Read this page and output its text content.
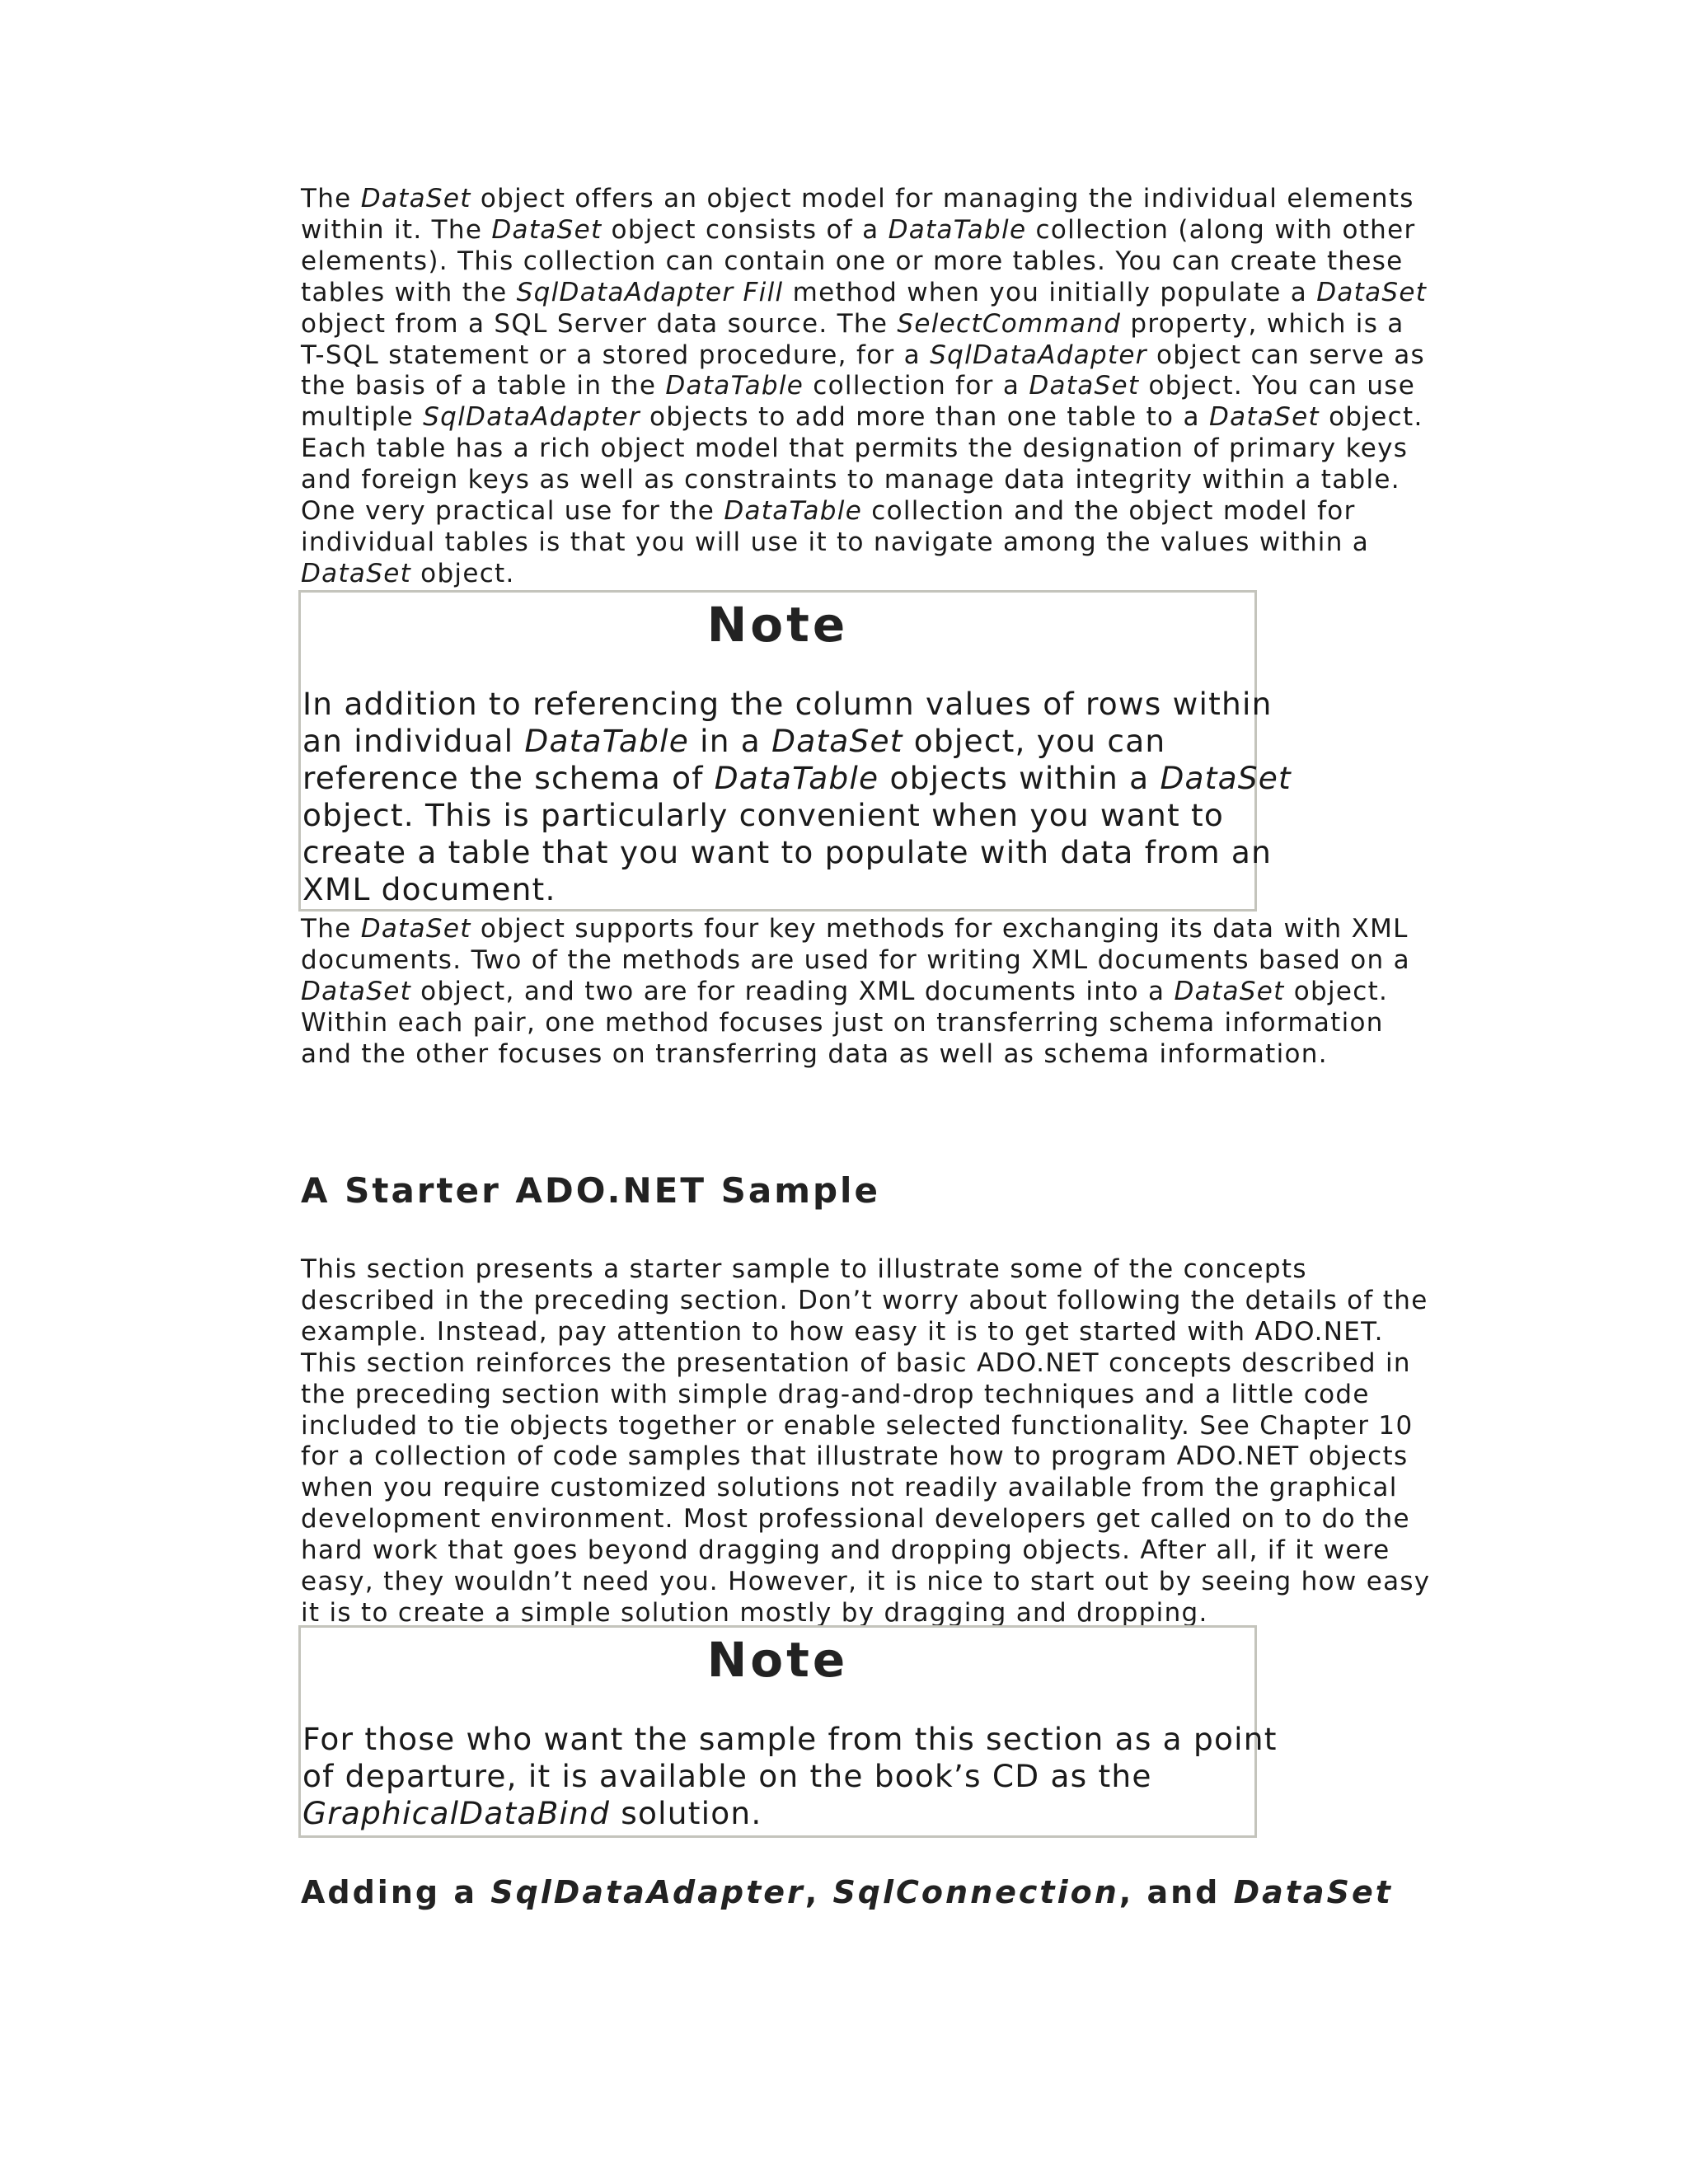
The DataSet object offers an object model for managing the individual elements
within it. The DataSet object consists of a DataTable collection (along with other
elements). This collection can contain one or more tables. You can create these
tables with the SqlDataAdapter Fill method when you initially populate a DataSet
object from a SQL Server data source. The SelectCommand property, which is a
T-SQL statement or a stored procedure, for a SqlDataAdapter object can serve as
the basis of a table in the DataTable collection for a DataSet object. You can use
multiple SqlDataAdapter objects to add more than one table to a DataSet object.
Each table has a rich object model that permits the designation of primary keys
and foreign keys as well as constraints to manage data integrity within a table.
One very practical use for the DataTable collection and the object model for
individual tables is that you will use it to navigate among the values within a
DataSet object.
Note
In addition to referencing the column values of rows within
an individual DataTable in a DataSet object, you can
reference the schema of DataTable objects within a DataSet
object. This is particularly convenient when you want to
create a table that you want to populate with data from an
XML document.
The DataSet object supports four key methods for exchanging its data with XML
documents. Two of the methods are used for writing XML documents based on a
DataSet object, and two are for reading XML documents into a DataSet object.
Within each pair, one method focuses just on transferring schema information
and the other focuses on transferring data as well as schema information.
A Starter ADO.NET Sample
This section presents a starter sample to illustrate some of the concepts
described in the preceding section. Don’t worry about following the details of the
example. Instead, pay attention to how easy it is to get started with ADO.NET.
This section reinforces the presentation of basic ADO.NET concepts described in
the preceding section with simple drag-and-drop techniques and a little code
included to tie objects together or enable selected functionality. See Chapter 10
for a collection of code samples that illustrate how to program ADO.NET objects
when you require customized solutions not readily available from the graphical
development environment. Most professional developers get called on to do the
hard work that goes beyond dragging and dropping objects. After all, if it were
easy, they wouldn’t need you. However, it is nice to start out by seeing how easy
it is to create a simple solution mostly by dragging and dropping.
Note
For those who want the sample from this section as a point
of departure, it is available on the book’s CD as the
GraphicalDataBind solution.
Adding a SqlDataAdapter, SqlConnection, and DataSet
